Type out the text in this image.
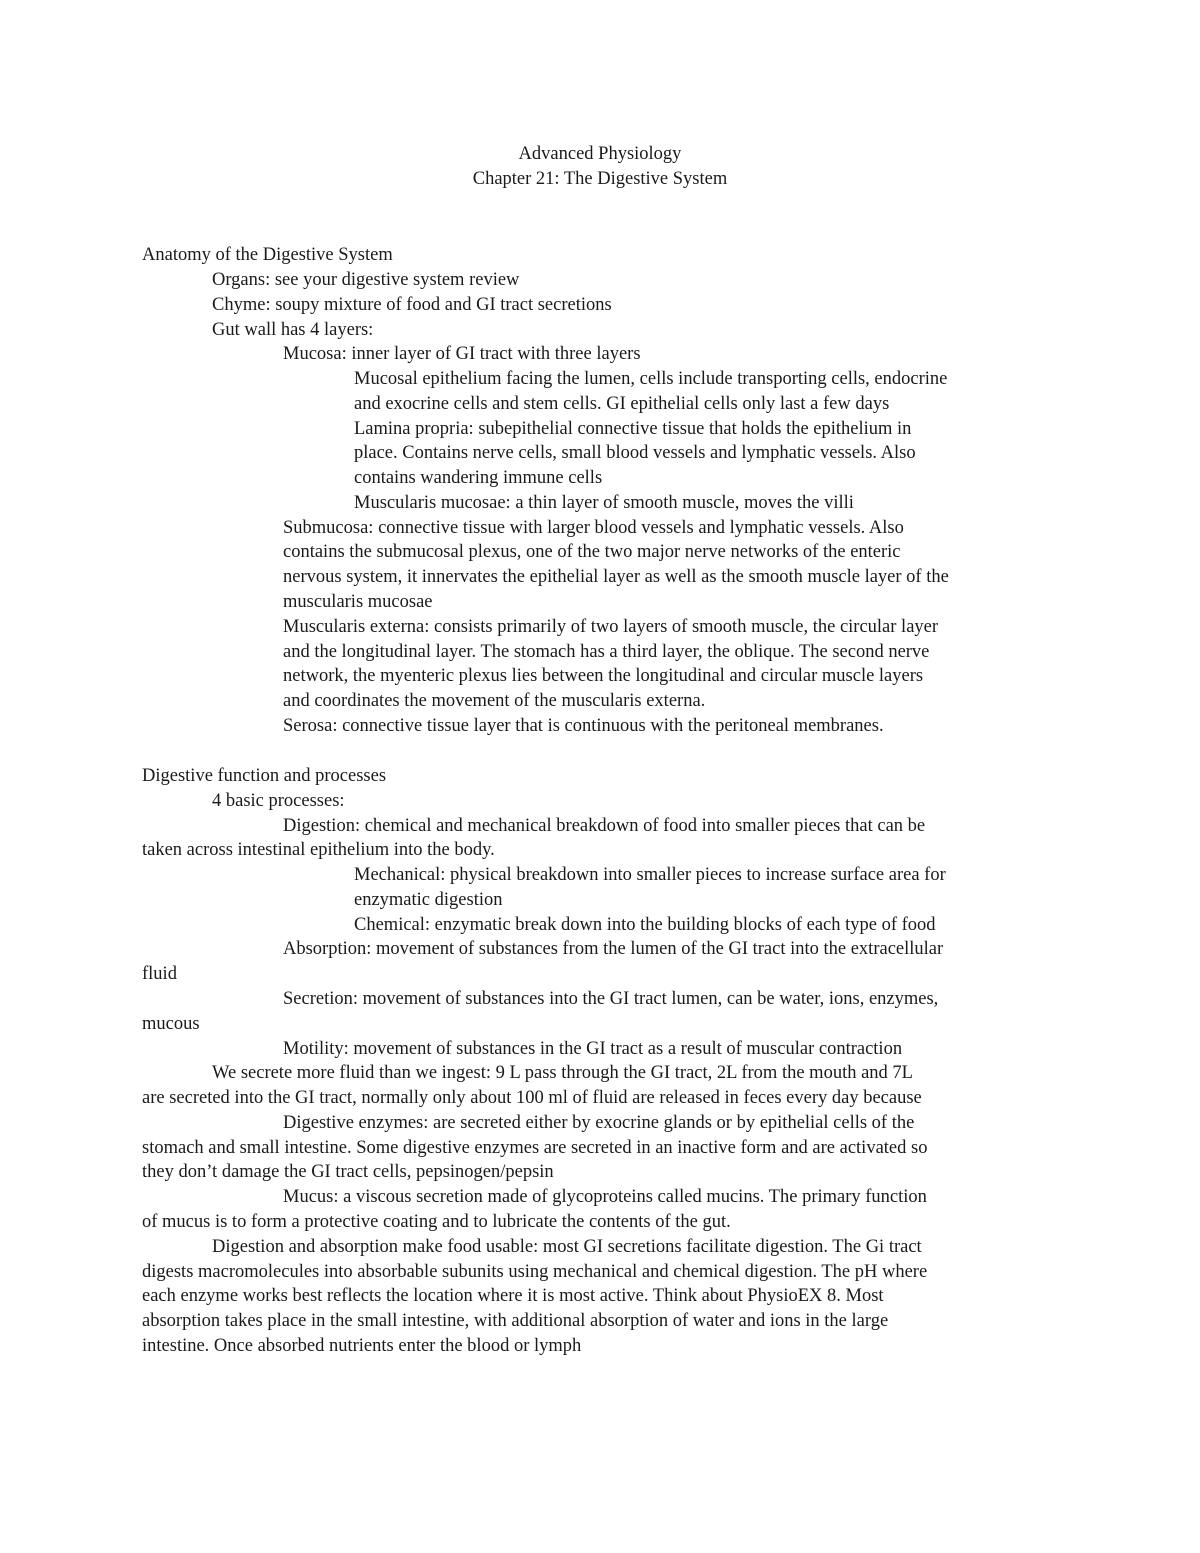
Advanced Physiology
Chapter 21: The Digestive System
Anatomy of the Digestive System
Organs: see your digestive system review
Chyme: soupy mixture of food and GI tract secretions
Gut wall has 4 layers:
Mucosa: inner layer of GI tract with three layers
Mucosal epithelium facing the lumen, cells include transporting cells, endocrine
and exocrine cells and stem cells. GI epithelial cells only last a few days
Lamina propria: subepithelial connective tissue that holds the epithelium in
place. Contains nerve cells, small blood vessels and lymphatic vessels. Also
contains wandering immune cells
Muscularis mucosae: a thin layer of smooth muscle, moves the villi
Submucosa: connective tissue with larger blood vessels and lymphatic vessels. Also
contains the submucosal plexus, one of the two major nerve networks of the enteric
nervous system, it innervates the epithelial layer as well as the smooth muscle layer of the
muscularis mucosae
Muscularis externa: consists primarily of two layers of smooth muscle, the circular layer
and the longitudinal layer. The stomach has a third layer, the oblique. The second nerve
network, the myenteric plexus lies between the longitudinal and circular muscle layers
and coordinates the movement of the muscularis externa.
Serosa: connective tissue layer that is continuous with the peritoneal membranes.
Digestive function and processes
4 basic processes:
Digestion: chemical and mechanical breakdown of food into smaller pieces that can be
taken across intestinal epithelium into the body.
Mechanical: physical breakdown into smaller pieces to increase surface area for
enzymatic digestion
Chemical: enzymatic break down into the building blocks of each type of food
Absorption: movement of substances from the lumen of the GI tract into the extracellular
fluid
Secretion: movement of substances into the GI tract lumen, can be water, ions, enzymes,
mucous
Motility: movement of substances in the GI tract as a result of muscular contraction
We secrete more fluid than we ingest: 9 L pass through the GI tract, 2L from the mouth and 7L
are secreted into the GI tract, normally only about 100 ml of fluid are released in feces every day because
Digestive enzymes: are secreted either by exocrine glands or by epithelial cells of the
stomach and small intestine. Some digestive enzymes are secreted in an inactive form and are activated so
they don’t damage the GI tract cells, pepsinogen/pepsin
Mucus: a viscous secretion made of glycoproteins called mucins. The primary function
of mucus is to form a protective coating and to lubricate the contents of the gut.
Digestion and absorption make food usable: most GI secretions facilitate digestion. The Gi tract
digests macromolecules into absorbable subunits using mechanical and chemical digestion. The pH where
each enzyme works best reflects the location where it is most active. Think about PhysioEX 8. Most
absorption takes place in the small intestine, with additional absorption of water and ions in the large
intestine. Once absorbed nutrients enter the blood or lymph
